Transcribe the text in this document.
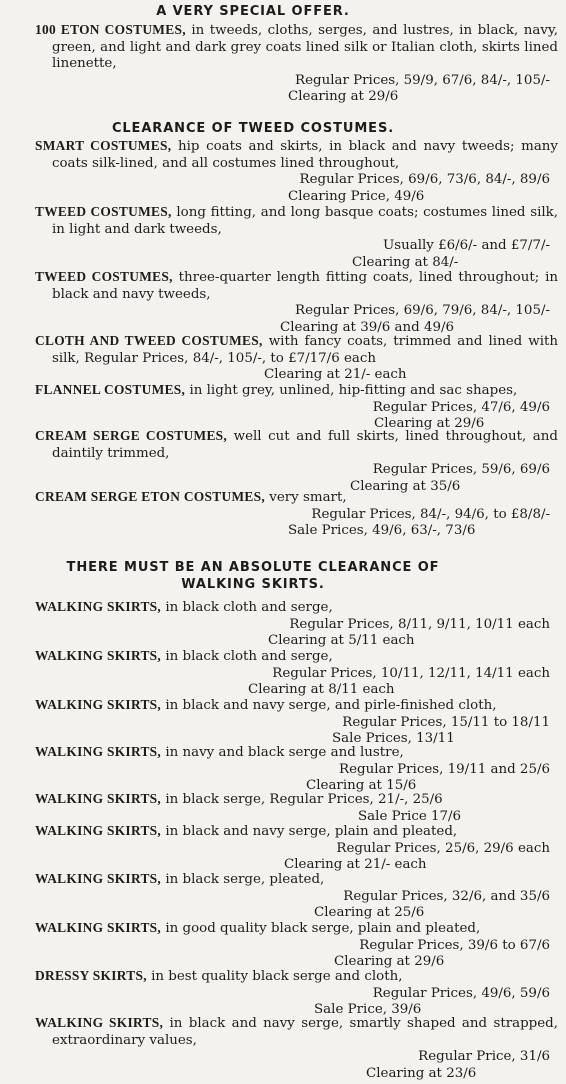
A VERY SPECIAL OFFER.
100 ETON COSTUMES, in tweeds, cloths, serges, and lustres, in black, navy, green, and light and dark grey coats lined silk or Italian cloth, skirts lined linenette,
Regular Prices, 59/9, 67/6, 84/-, 105/-
Clearing at 29/6
CLEARANCE OF TWEED COSTUMES.
SMART COSTUMES, hip coats and skirts, in black and navy tweeds; many coats silk-lined, and all costumes lined throughout,
Regular Prices, 69/6, 73/6, 84/-, 89/6
Clearing Price, 49/6
TWEED COSTUMES, long fitting, and long basque coats; costumes lined silk, in light and dark tweeds,
Usually £6/6/- and £7/7/-
Clearing at 84/-
TWEED COSTUMES, three-quarter length fitting coats, lined throughout; in black and navy tweeds,
Regular Prices, 69/6, 79/6, 84/-, 105/-
Clearing at 39/6 and 49/6
CLOTH AND TWEED COSTUMES, with fancy coats, trimmed and lined with silk, Regular Prices, 84/-, 105/-, to £7/17/6 each
Clearing at 21/- each
FLANNEL COSTUMES, in light grey, unlined, hip-fitting and sac shapes,
Regular Prices, 47/6, 49/6
Clearing at 29/6
CREAM SERGE COSTUMES, well cut and full skirts, lined throughout, and daintily trimmed,
Regular Prices, 59/6, 69/6
Clearing at 35/6
CREAM SERGE ETON COSTUMES, very smart,
Regular Prices, 84/-, 94/6, to £8/8/-
Sale Prices, 49/6, 63/-, 73/6
THERE MUST BE AN ABSOLUTE CLEARANCE OF
WALKING SKIRTS.
WALKING SKIRTS, in black cloth and serge,
Regular Prices, 8/11, 9/11, 10/11 each
Clearing at 5/11 each
WALKING SKIRTS, in black cloth and serge,
Regular Prices, 10/11, 12/11, 14/11 each
Clearing at 8/11 each
WALKING SKIRTS, in black and navy serge, and pirle-finished cloth,
Regular Prices, 15/11 to 18/11
Sale Prices, 13/11
WALKING SKIRTS, in navy and black serge and lustre,
Regular Prices, 19/11 and 25/6
Clearing at 15/6
WALKING SKIRTS, in black serge, Regular Prices, 21/-, 25/6
Sale Price 17/6
WALKING SKIRTS, in black and navy serge, plain and pleated,
Regular Prices, 25/6, 29/6 each
Clearing at 21/- each
WALKING SKIRTS, in black serge, pleated,
Regular Prices, 32/6, and 35/6
Clearing at 25/6
WALKING SKIRTS, in good quality black serge, plain and pleated,
Regular Prices, 39/6 to 67/6
Clearing at 29/6
DRESSY SKIRTS, in best quality black serge and cloth,
Regular Prices, 49/6, 59/6
Sale Price, 39/6
WALKING SKIRTS, in black and navy serge, smartly shaped and strapped, extraordinary values,
Regular Price, 31/6
Clearing at 23/6
